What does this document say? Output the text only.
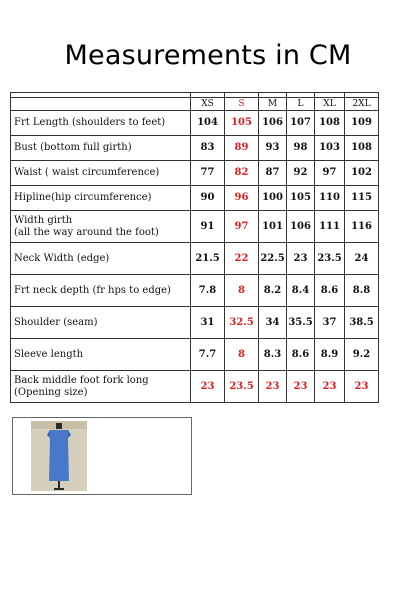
Measurements in CM

	XS	S	M	L	XL	2XL
Frt Length (shoulders to feet)	104	105	106	107	108	109
Bust (bottom full girth)	83	89	93	98	103	108
Waist ( waist circumference)	77	82	87	92	97	102
Hipline(hip circumference)	90	96	100	105	110	115

Width girth
(all the way around the foot)	91	97	101	106	111	116
Neck Width (edge)	21.5	22	22.5	23	23.5	24
Frt neck depth (fr hps to edge)	7.8	8	8.2	8.4	8.6	8.8
Shoulder (seam)	31	32.5	34	35.5	37	38.5
Sleeve length	7.7	8	8.3	8.6	8.9	9.2

Back middle foot fork long
(Opening size)	23	23.5	23	23	23	23
